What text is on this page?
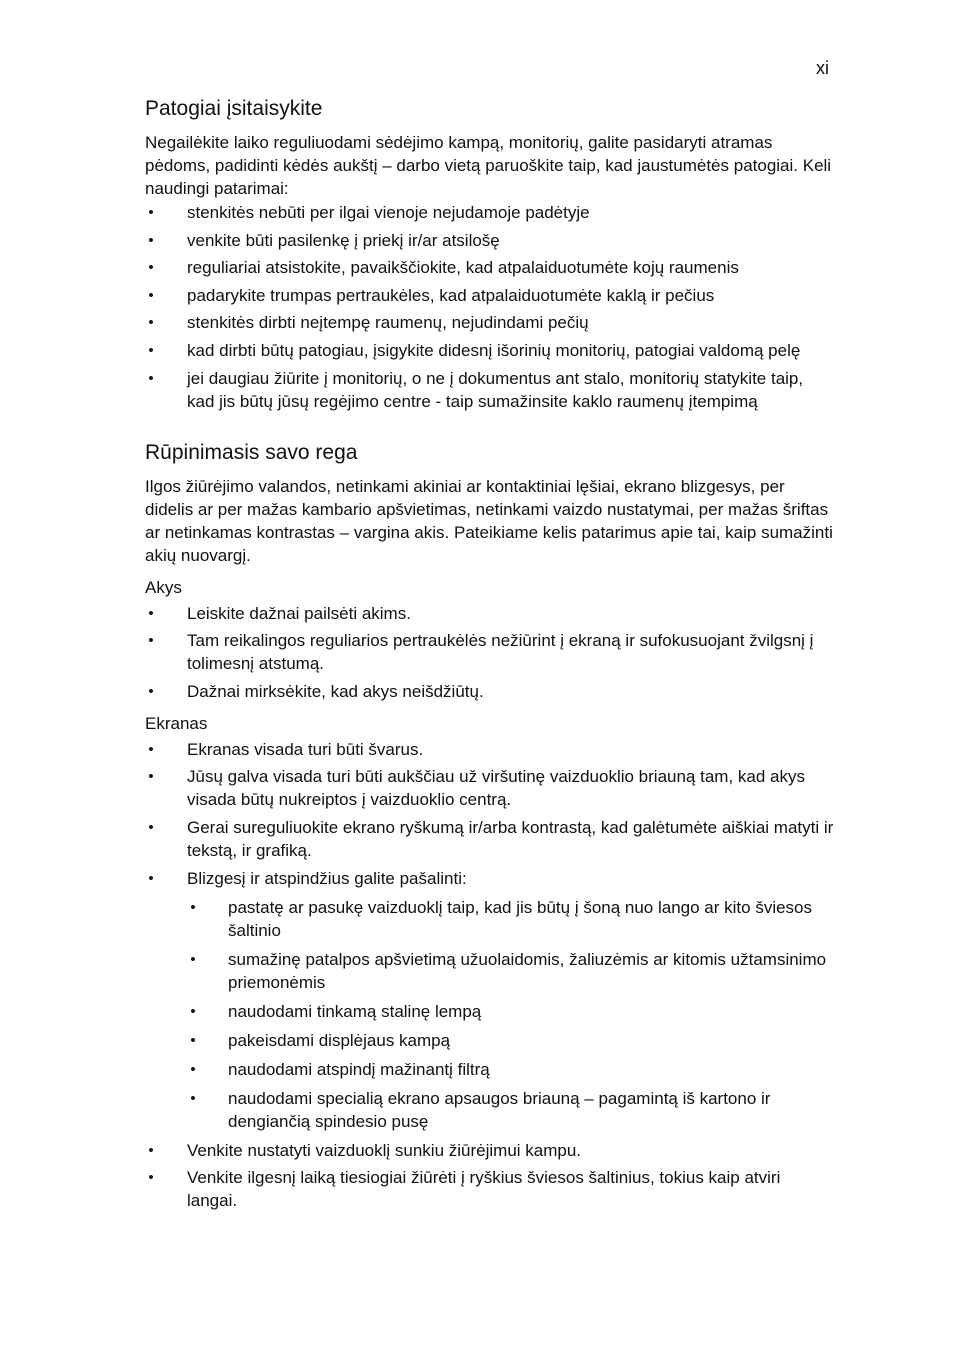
xi
Patogiai įsitaisykite

Negailėkite laiko reguliuodami sėdėjimo kampą, monitorių, galite pasidaryti atramas pėdoms, padidinti kėdės aukštį – darbo vietą paruoškite taip, kad jaustumėtės patogiai. Keli naudingi patarimai:

• stenkitės nebūti per ilgai vienoje nejudamoje padėtyje
• venkite būti pasilenkę į priekį ir/ar atsilošę
• reguliariai atsistokite, pavaikščiokite, kad atpalaiduotumėte kojų raumenis
• padarykite trumpas pertraukėles, kad atpalaiduotumėte kaklą ir pečius
• stenkitės dirbti neįtempę raumenų, nejudindami pečių
• kad dirbti būtų patogiau, įsigykite didesnį išorinių monitorių, patogiai valdomą pelę
• jei daugiau žiūrite į monitorių, o ne į dokumentus ant stalo, monitorių statykite taip, kad jis būtų jūsų regėjimo centre - taip sumažinsite kaklo raumenų įtempimą
Rūpinimasis savo rega

Ilgos žiūrėjimo valandos, netinkami akiniai ar kontaktiniai lęšiai, ekrano blizgesys, per didelis ar per mažas kambario apšvietimas, netinkami vaizdo nustatymai, per mažas šriftas ar netinkamas kontrastas – vargina akis. Pateikiame kelis patarimus apie tai, kaip sumažinti akių nuovargį.

Akys

• Leiskite dažnai pailsėti akims.
• Tam reikalingos reguliarios pertraukėlės nežiūrint į ekraną ir sufokusuojant žvilgsnį į tolimesnį atstumą.
• Dažnai mirksėkite, kad akys neišdžiūtų.

Ekranas

• Ekranas visada turi būti švarus.
• Jūsų galva visada turi būti aukščiau už viršutinę vaizduoklio briauną tam, kad akys visada būtų nukreiptos į vaizduoklio centrą.
• Gerai sureguliuokite ekrano ryškumą ir/arba kontrastą, kad galėtumėte aiškiai matyti ir tekstą, ir grafiką.
• Blizgesį ir atspindžius galite pašalinti:
• pastatę ar pasukę vaizduoklį taip, kad jis būtų į šoną nuo lango ar kito šviesos šaltinio
• sumažinę patalpos apšvietimą užuolaidomis, žaliuzėmis ar kitomis užtamsinimo priemonėmis
• naudodami tinkamą stalinę lempą
• pakeisdami displėjaus kampą
• naudodami atspindį mažinantį filtrą
• naudodami specialią ekrano apsaugos briauną – pagamintą iš kartono ir dengiančią spindesio pusę
• Venkite nustatyti vaizduoklį sunkiu žiūrėjimui kampu.
• Venkite ilgesnį laiką tiesiogiai žiūrėti į ryškius šviesos šaltinius, tokius kaip atviri langai.
